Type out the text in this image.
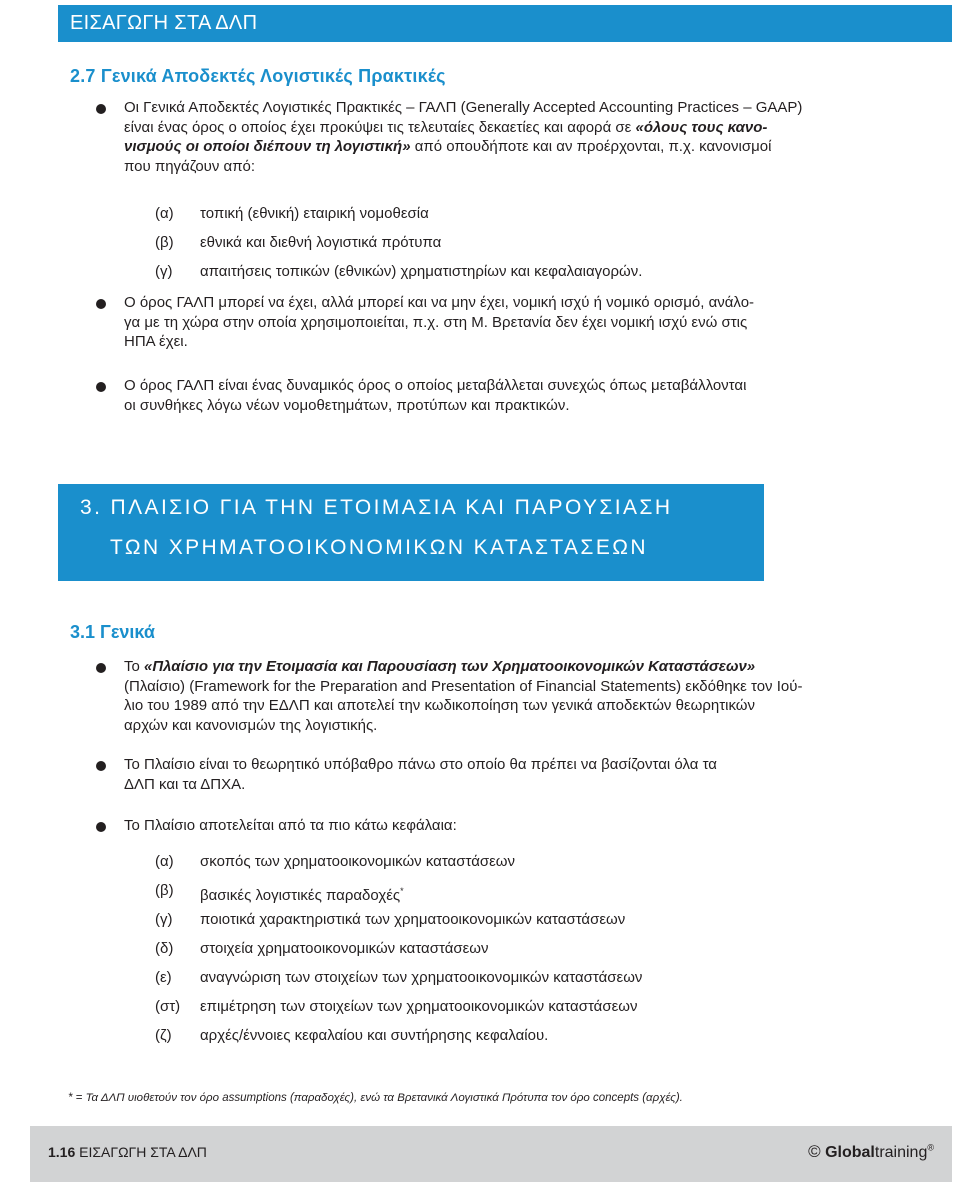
ΕΙΣΑΓΩΓΗ ΣΤΑ ΔΛΠ
2.7 Γενικά Αποδεκτές Λογιστικές Πρακτικές
Οι Γενικά Αποδεκτές Λογιστικές Πρακτικές – ΓΑΛΠ (Generally Accepted Accounting Practices – GAAP)
είναι ένας όρος ο οποίος έχει προκύψει τις τελευταίες δεκαετίες και αφορά σε «όλους τους κανο-
νισμούς οι οποίοι διέπουν τη λογιστική» από οπουδήποτε και αν προέρχονται, π.χ. κανονισμοί
που πηγάζουν από:
(α) τοπική (εθνική) εταιρική νομοθεσία
(β) εθνικά και διεθνή λογιστικά πρότυπα
(γ) απαιτήσεις τοπικών (εθνικών) χρηματιστηρίων και κεφαλαιαγορών.
Ο όρος ΓΑΛΠ μπορεί να έχει, αλλά μπορεί και να μην έχει, νομική ισχύ ή νομικό ορισμό, ανάλο-
γα με τη χώρα στην οποία χρησιμοποιείται, π.χ. στη Μ. Βρετανία δεν έχει νομική ισχύ ενώ στις
ΗΠΑ έχει.
Ο όρος ΓΑΛΠ είναι ένας δυναμικός όρος ο οποίος μεταβάλλεται συνεχώς όπως μεταβάλλονται
οι συνθήκες λόγω νέων νομοθετημάτων, προτύπων και πρακτικών.
3. ΠΛΑΙΣΙΟ ΓΙΑ ΤΗΝ ΕΤΟΙΜΑΣΙΑ ΚΑΙ ΠΑΡΟΥΣΙΑΣΗ
ΤΩΝ ΧΡΗΜΑΤΟΟΙΚΟΝΟΜΙΚΩΝ ΚΑΤΑΣΤΑΣΕΩΝ
3.1 Γενικά
Το «Πλαίσιο για την Ετοιμασία και Παρουσίαση των Χρηματοοικονομικών Καταστάσεων»
(Πλαίσιο) (Framework for the Preparation and Presentation of Financial Statements) εκδόθηκε τον Ιού-
λιο του 1989 από την ΕΔΛΠ και αποτελεί την κωδικοποίηση των γενικά αποδεκτών θεωρητικών
αρχών και κανονισμών της λογιστικής.
Το Πλαίσιο είναι το θεωρητικό υπόβαθρο πάνω στο οποίο θα πρέπει να βασίζονται όλα τα
ΔΛΠ και τα ΔΠΧΑ.
Το Πλαίσιο αποτελείται από τα πιο κάτω κεφάλαια:
(α) σκοπός των χρηματοοικονομικών καταστάσεων
(β) βασικές λογιστικές παραδοχές*
(γ) ποιοτικά χαρακτηριστικά των χρηματοοικονομικών καταστάσεων
(δ) στοιχεία χρηματοοικονομικών καταστάσεων
(ε) αναγνώριση των στοιχείων των χρηματοοικονομικών καταστάσεων
(στ) επιμέτρηση των στοιχείων των χρηματοοικονομικών καταστάσεων
(ζ) αρχές/έννοιες κεφαλαίου και συντήρησης κεφαλαίου.
* = Τα ΔΛΠ υιοθετούν τον όρο assumptions (παραδοχές), ενώ τα Βρετανικά Λογιστικά Πρότυπα τον όρο concepts (αρχές).
1.16 ΕΙΣΑΓΩΓΗ ΣΤΑ ΔΛΠ	© Globaltraining®
